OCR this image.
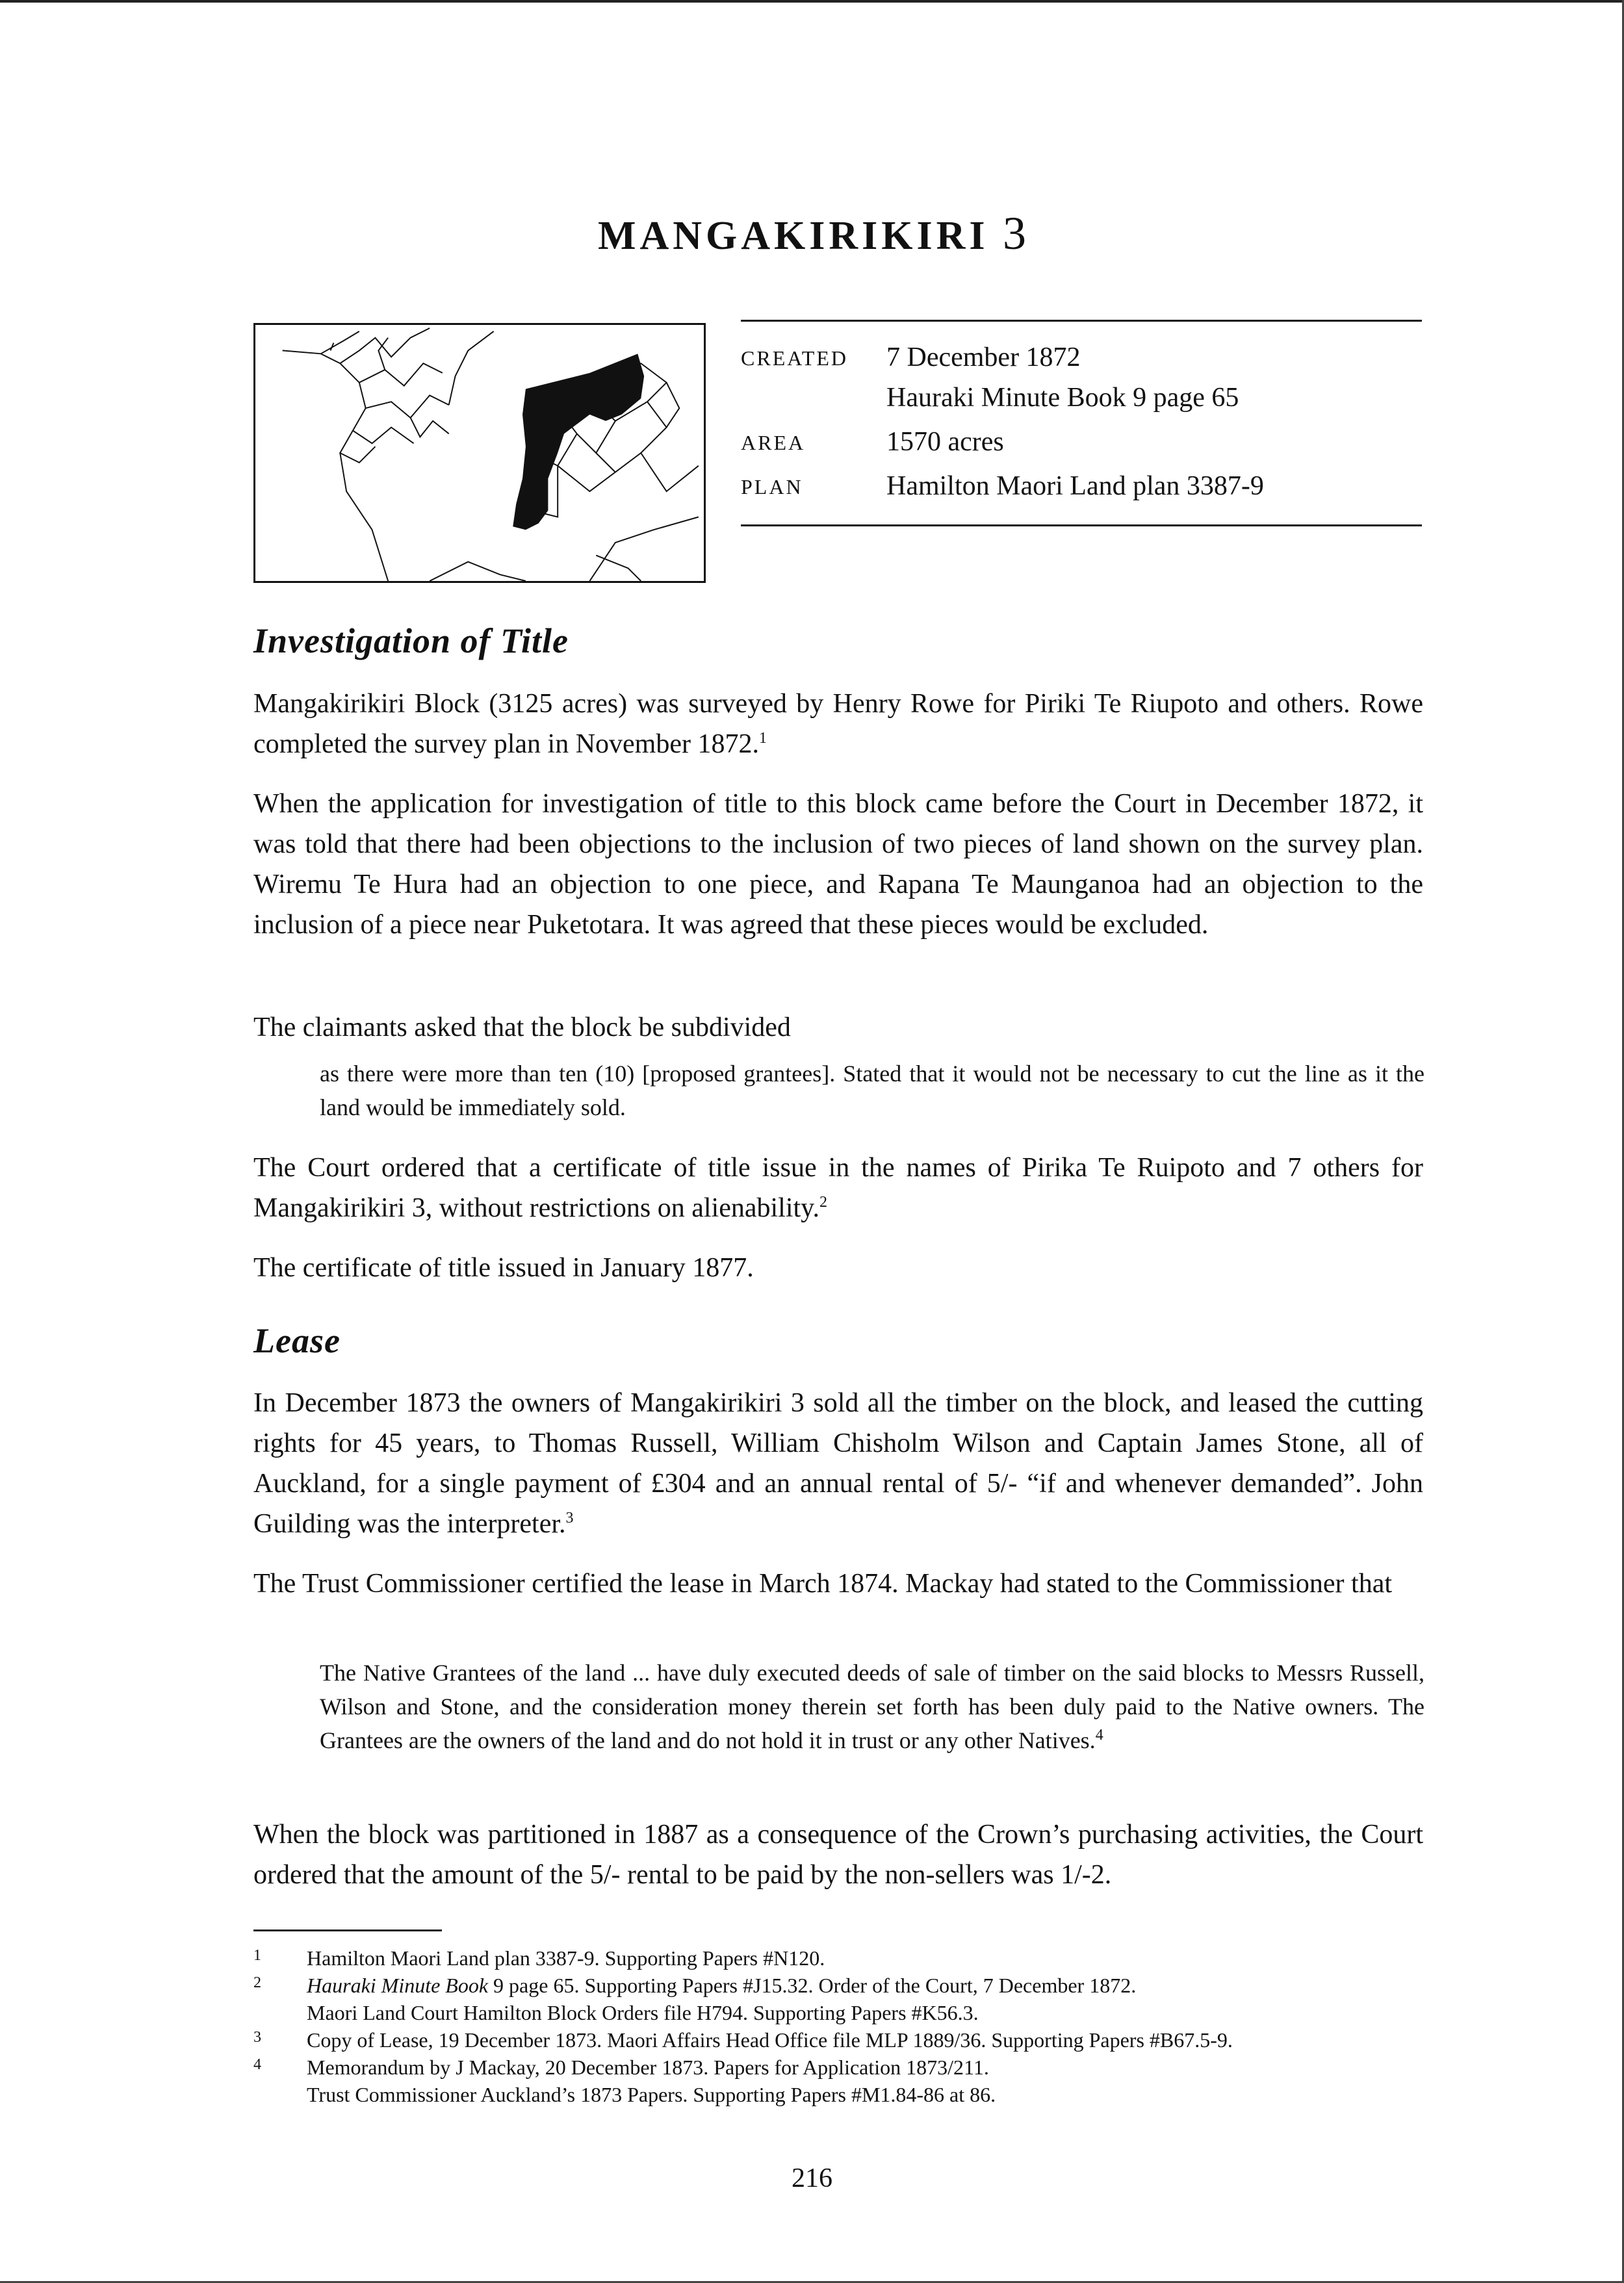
MANGAKIRIKIRI 3
CREATED	7 December 1872
Hauraki Minute Book 9 page 65
AREA	1570 acres
PLAN	Hamilton Maori Land plan 3387-9
Investigation of Title

Mangakirikiri Block (3125 acres) was surveyed by Henry Rowe for Piriki Te Riupoto and others. Rowe completed the survey plan in November 1872.$^1$

When the application for investigation of title to this block came before the Court in December 1872, it was told that there had been objections to the inclusion of two pieces of land shown on the survey plan. Wiremu Te Hura had an objection to one piece, and Rapana Te Maunganoa had an objection to the inclusion of a piece near Puketotara. It was agreed that these pieces would be excluded.

The claimants asked that the block be subdivided

as there were more than ten (10) [proposed grantees]. Stated that it would not be necessary to cut the line as it the land would be immediately sold.

The Court ordered that a certificate of title issue in the names of Pirika Te Ruipoto and 7 others for Mangakirikiri 3, without restrictions on alienability.$^2$

The certificate of title issued in January 1877.

Lease

In December 1873 the owners of Mangakirikiri 3 sold all the timber on the block, and leased the cutting rights for 45 years, to Thomas Russell, William Chisholm Wilson and Captain James Stone, all of Auckland, for a single payment of £304 and an annual rental of 5/- “if and whenever demanded”. John Guilding was the interpreter.$^3$

The Trust Commissioner certified the lease in March 1874. Mackay had stated to the Commissioner that

The Native Grantees of the land ... have duly executed deeds of sale of timber on the said blocks to Messrs Russell, Wilson and Stone, and the consideration money therein set forth has been duly paid to the Native owners. The Grantees are the owners of the land and do not hold it in trust or any other Natives.$^4$

When the block was partitioned in 1887 as a consequence of the Crown’s purchasing activities, the Court ordered that the amount of the 5/- rental to be paid by the non-sellers was 1/-2.

1	Hamilton Maori Land plan 3387-9. Supporting Papers #N120.
2	Hauraki Minute Book 9 page 65. Supporting Papers #J15.32. Order of the Court, 7 December 1872.
Maori Land Court Hamilton Block Orders file H794. Supporting Papers #K56.3.
3	Copy of Lease, 19 December 1873. Maori Affairs Head Office file MLP 1889/36. Supporting Papers #B67.5-9.
4	Memorandum by J Mackay, 20 December 1873. Papers for Application 1873/211.
Trust Commissioner Auckland’s 1873 Papers. Supporting Papers #M1.84-86 at 86.

216
